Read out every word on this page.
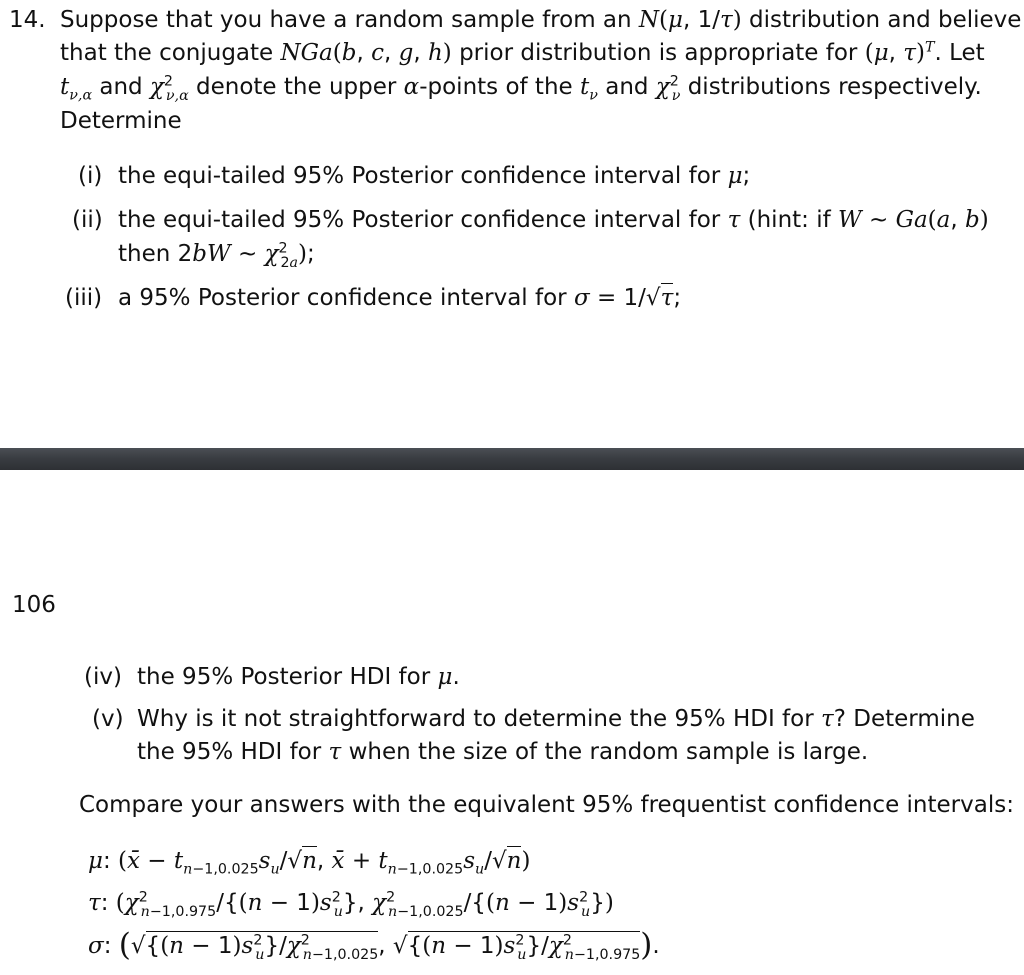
14. Suppose that you have a random sample from an N(μ, 1/τ) distribution and believe
that the conjugate NGa(b, c, g, h) prior distribution is appropriate for (μ, τ)$^T$. Let
$t_{\nu,\alpha}$ and $\chi^2_{\nu,\alpha}$ denote the upper α-points of the $t_\nu$ and $\chi^2_\nu$ distributions respectively.
Determine
(i) the equi-tailed 95% Posterior confidence interval for μ;
(ii) the equi-tailed 95% Posterior confidence interval for τ (hint: if W ∼ Ga(a, b)
then 2bW ∼ $\chi^2_{2a}$);
(iii) a 95% Posterior confidence interval for σ = 1/√τ;
106
(iv) the 95% Posterior HDI for μ.
(v) Why is it not straightforward to determine the 95% HDI for τ? Determine
the 95% HDI for τ when the size of the random sample is large.
Compare your answers with the equivalent 95% frequentist confidence intervals:
μ: (x̄ − $t_{n-1,0.025}s_u/√n$, x̄ + $t_{n-1,0.025}s_u/√n$)
τ: ($\chi^2_{n-1,0.975}/\{(n - 1)s^2_u\}$, $\chi^2_{n-1,0.025}/\{(n - 1)s^2_u\}$)
σ: ($√\{(n - 1)s^2_u\}/\chi^2_{n-1,0.025}$, $√\{(n - 1)s^2_u\}/\chi^2_{n-1,0.975}$).
